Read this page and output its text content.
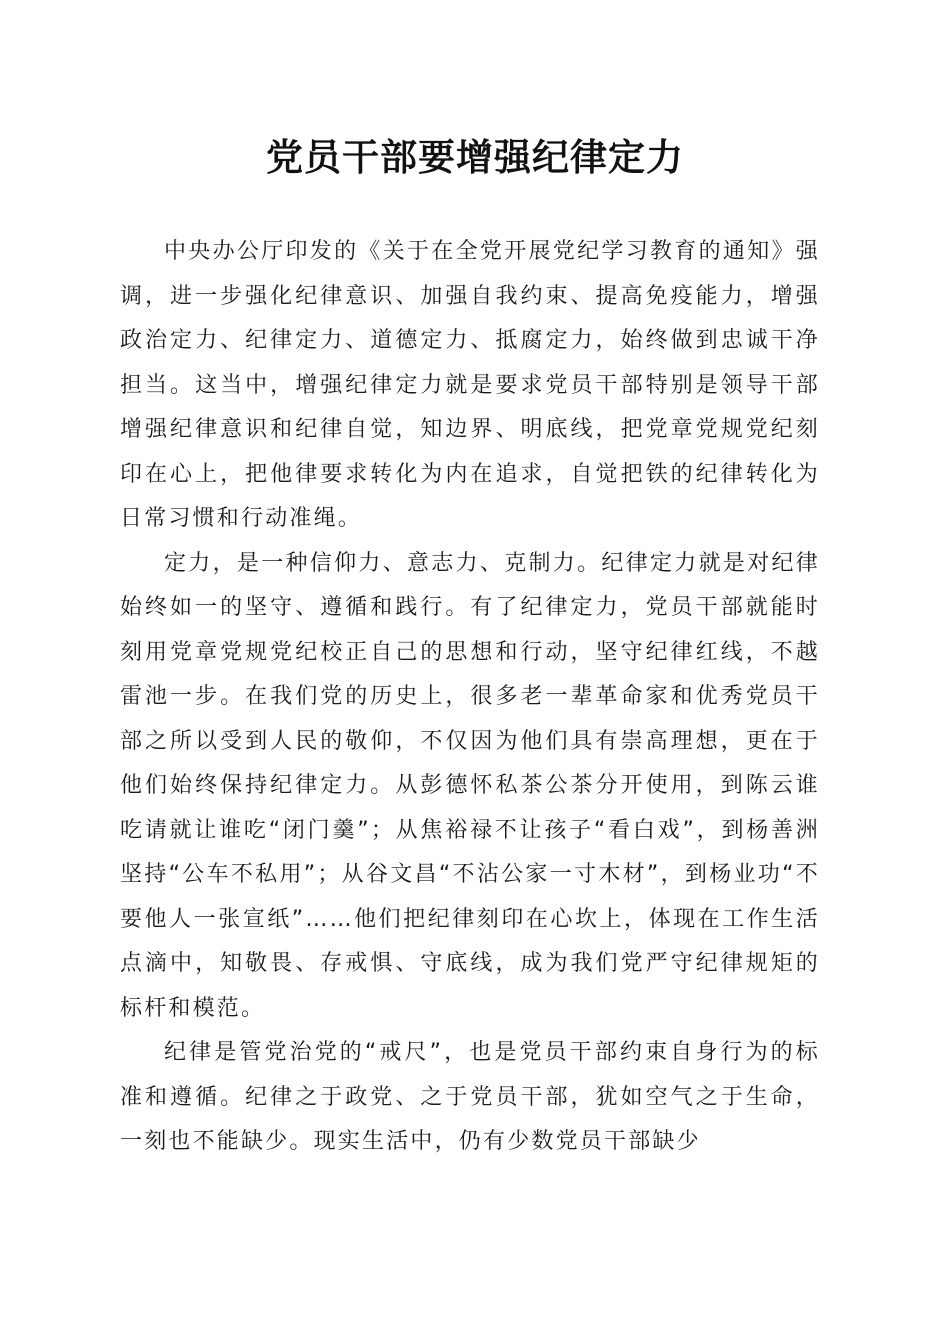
党员干部要增强纪律定力

中央办公厅印发的《关于在全党开展党纪学习教育的通知》强调，进一步强化纪律意识、加强自我约束、提高免疫能力，增强政治定力、纪律定力、道德定力、抵腐定力，始终做到忠诚干净担当。这当中，增强纪律定力就是要求党员干部特别是领导干部增强纪律意识和纪律自觉，知边界、明底线，把党章党规党纪刻印在心上，把他律要求转化为内在追求，自觉把铁的纪律转化为日常习惯和行动准绳。

定力，是一种信仰力、意志力、克制力。纪律定力就是对纪律始终如一的坚守、遵循和践行。有了纪律定力，党员干部就能时刻用党章党规党纪校正自己的思想和行动，坚守纪律红线，不越雷池一步。在我们党的历史上，很多老一辈革命家和优秀党员干部之所以受到人民的敬仰，不仅因为他们具有崇高理想，更在于他们始终保持纪律定力。从彭德怀私茶公茶分开使用，到陈云谁吃请就让谁吃“闭门羹”；从焦裕禄不让孩子“看白戏”，到杨善洲坚持“公车不私用”；从谷文昌“不沾公家一寸木材”，到杨业功“不要他人一张宣纸”……他们把纪律刻印在心坎上，体现在工作生活点滴中，知敬畏、存戒惧、守底线，成为我们党严守纪律规矩的标杆和模范。

纪律是管党治党的“戒尺”，也是党员干部约束自身行为的标准和遵循。纪律之于政党、之于党员干部，犹如空气之于生命，一刻也不能缺少。现实生活中，仍有少数党员干部缺少
